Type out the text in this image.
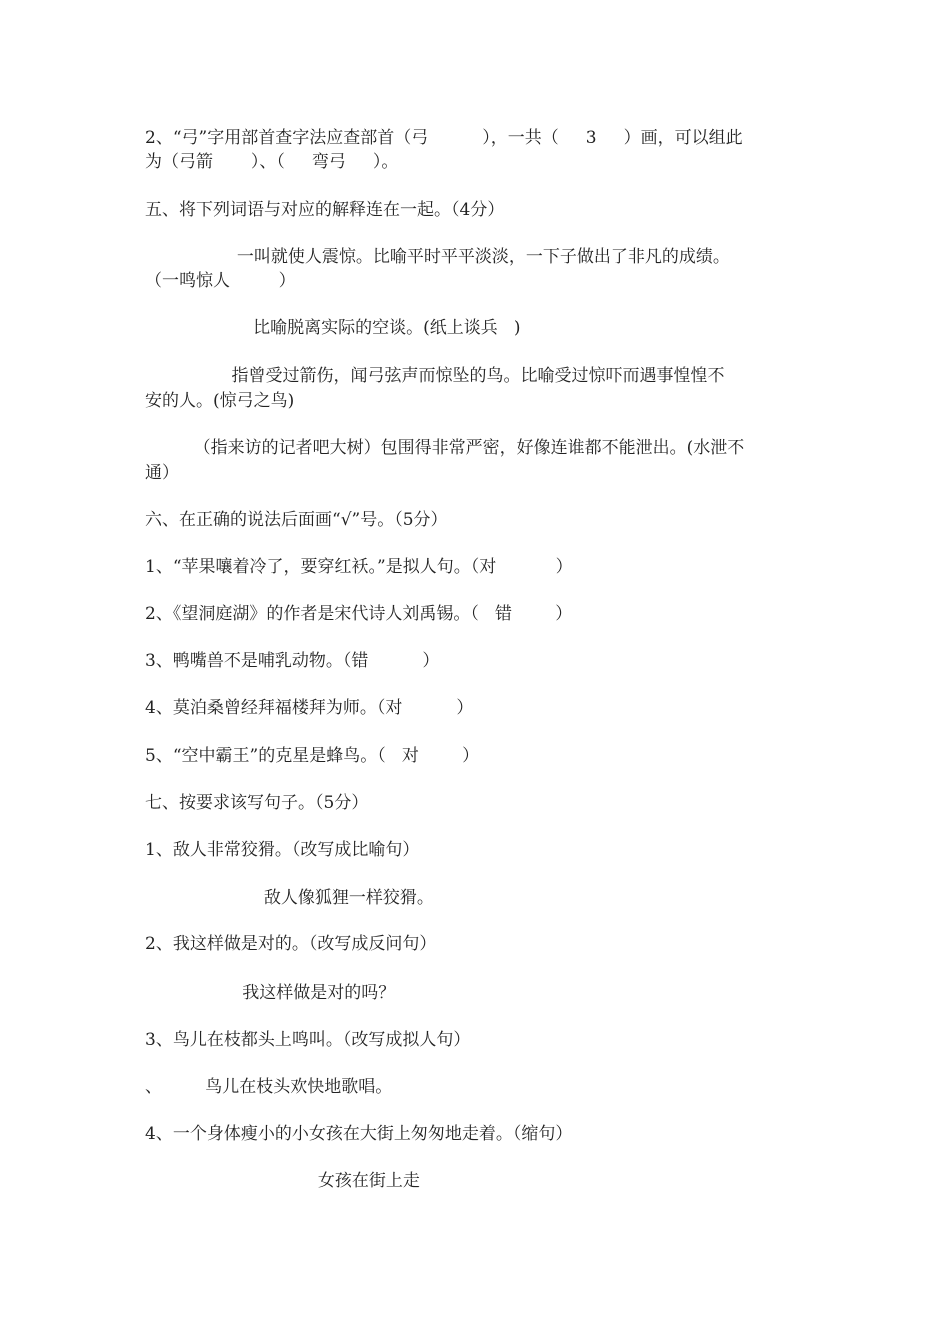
2、“弓”字用部首查字法应查部首（弓          ），一共（     3     ）画，可以组此
为（弓箭       ）、（     弯弓     ）。
五、将下列词语与对应的解释连在一起。（4分）
一叫就使人震惊。比喻平时平平淡淡，一下子做出了非凡的成绩。
（一鸣惊人         ）
比喻脱离实际的空谈。(纸上谈兵   )
指曾受过箭伤，闻弓弦声而惊坠的鸟。比喻受过惊吓而遇事惶惶不
安的人。(惊弓之鸟)
（指来访的记者吧大树）包围得非常严密，好像连谁都不能泄出。(水泄不
通）
六、在正确的说法后面画“√”号。（5分）
1、“苹果嚷着冷了，要穿红袄。”是拟人句。（对           ）
2、《望洞庭湖》的作者是宋代诗人刘禹锡。（   错        ）
3、鸭嘴兽不是哺乳动物。（错          ）
4、莫泊桑曾经拜福楼拜为师。（对          ）
5、“空中霸王”的克星是蜂鸟。（   对        ）
七、按要求该写句子。（5分）
1、敌人非常狡猾。（改写成比喻句）
敌人像狐狸一样狡猾。
2、我这样做是对的。（改写成反问句）
我这样做是对的吗？
3、鸟儿在枝都头上鸣叫。（改写成拟人句）
、        鸟儿在枝头欢快地歌唱。
4、一个身体瘦小的小女孩在大街上匆匆地走着。（缩句）
女孩在街上走
